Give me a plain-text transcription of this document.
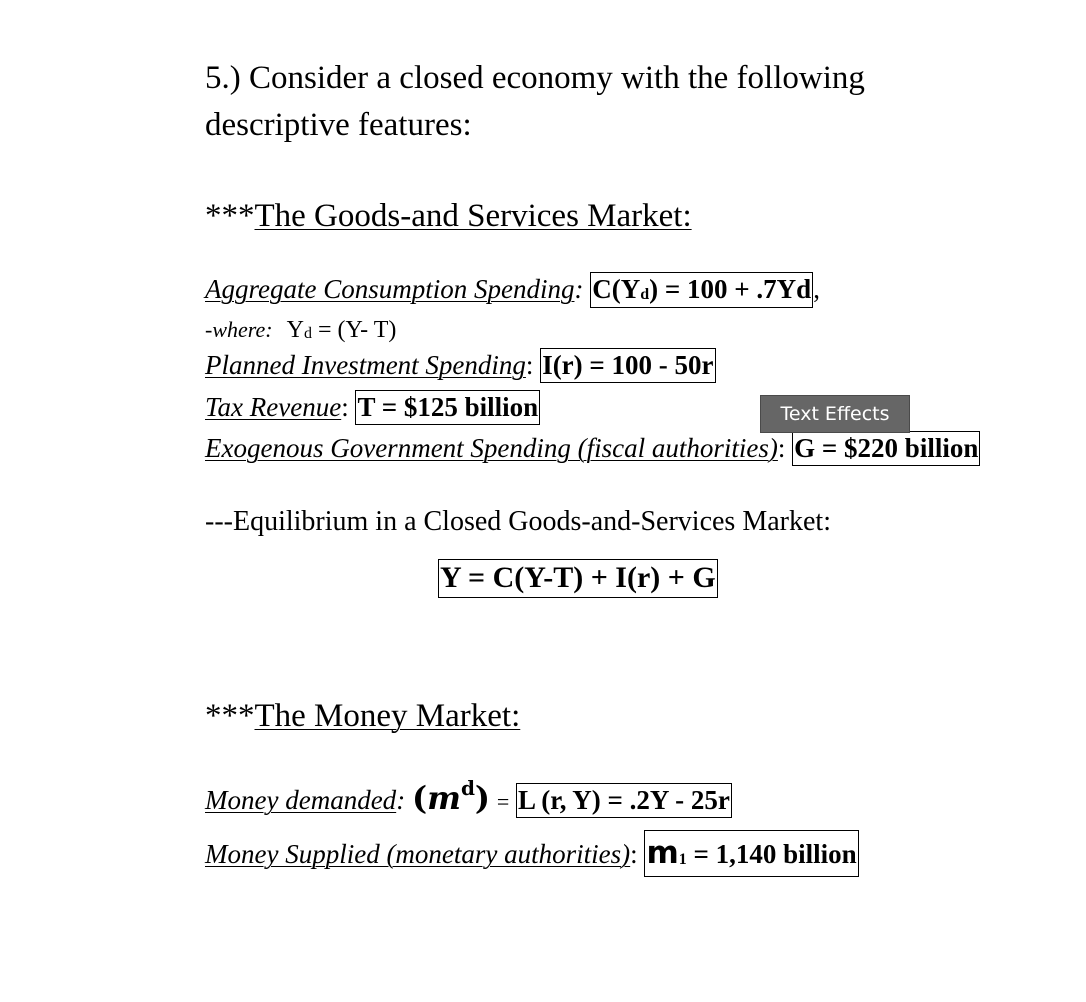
5.) Consider a closed economy with the following
descriptive features:
***The Goods-and Services Market:
Aggregate Consumption Spending: C(Yd) = 100 + .7Yd,
-where: Yd = (Y- T)
Planned Investment Spending: I(r) = 100 - 50r
Tax Revenue: T = $125 billion
Exogenous Government Spending (fiscal authorities): G = $220 billion
---Equilibrium in a Closed Goods-and-Services Market:
Y = C(Y-T) + I(r) + G
***The Money Market:
Money demanded: $(m^d) = L$ (r, Y) = .2Y - 25r
Money Supplied (monetary authorities): m1 = 1,140 billion
Text Effects
